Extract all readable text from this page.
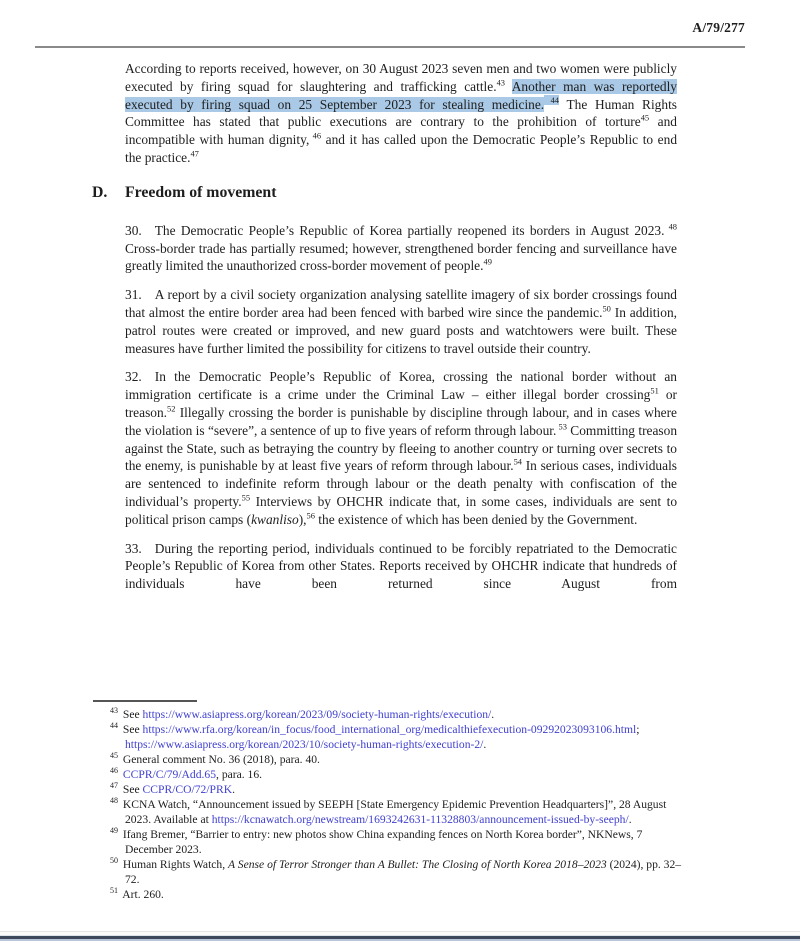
A/79/277

According to reports received, however, on 30 August 2023 seven men and two women were publicly executed by firing squad for slaughtering and trafficking cattle.$^{43}$ Another man was reportedly executed by firing squad on 25 September 2023 for stealing medicine. $^{44}$ The Human Rights Committee has stated that public executions are contrary to the prohibition of torture$^{45}$ and incompatible with human dignity, $^{46}$ and it has called upon the Democratic People’s Republic to end the practice.$^{47}$

D. Freedom of movement

30. The Democratic People’s Republic of Korea partially reopened its borders in August 2023. $^{48}$ Cross-border trade has partially resumed; however, strengthened border fencing and surveillance have greatly limited the unauthorized cross-border movement of people.$^{49}$

31. A report by a civil society organization analysing satellite imagery of six border crossings found that almost the entire border area had been fenced with barbed wire since the pandemic.$^{50}$ In addition, patrol routes were created or improved, and new guard posts and watchtowers were built. These measures have further limited the possibility for citizens to travel outside their country.

32. In the Democratic People’s Republic of Korea, crossing the national border without an immigration certificate is a crime under the Criminal Law – either illegal border crossing$^{51}$ or treason.$^{52}$ Illegally crossing the border is punishable by discipline through labour, and in cases where the violation is “severe”, a sentence of up to five years of reform through labour. $^{53}$ Committing treason against the State, such as betraying the country by fleeing to another country or turning over secrets to the enemy, is punishable by at least five years of reform through labour.$^{54}$ In serious cases, individuals are sentenced to indefinite reform through labour or the death penalty with confiscation of the individual’s property.$^{55}$ Interviews by OHCHR indicate that, in some cases, individuals are sent to political prison camps (kwanliso),$^{56}$ the existence of which has been denied by the Government.

33. During the reporting period, individuals continued to be forcibly repatriated to the Democratic People’s Republic of Korea from other States. Reports received by OHCHR indicate that hundreds of individuals have been returned since August from

$^{43}$ See https://www.asiapress.org/korean/2023/09/society-human-rights/execution/.
$^{44}$ See https://www.rfa.org/korean/in_focus/food_international_org/medicalthiefexecution-09292023093106.html; https://www.asiapress.org/korean/2023/10/society-human-rights/execution-2/.
$^{45}$ General comment No. 36 (2018), para. 40.
$^{46}$ CCPR/C/79/Add.65, para. 16.
$^{47}$ See CCPR/CO/72/PRK.
$^{48}$ KCNA Watch, “Announcement issued by SEEPH [State Emergency Epidemic Prevention Headquarters]”, 28 August 2023. Available at https://kcnawatch.org/newstream/1693242631-11328803/announcement-issued-by-seeph/.
$^{49}$ Ifang Bremer, “Barrier to entry: new photos show China expanding fences on North Korea border”, NKNews, 7 December 2023.
$^{50}$ Human Rights Watch, A Sense of Terror Stronger than A Bullet: The Closing of North Korea 2018–2023 (2024), pp. 32–72.
$^{51}$ Art. 260.
